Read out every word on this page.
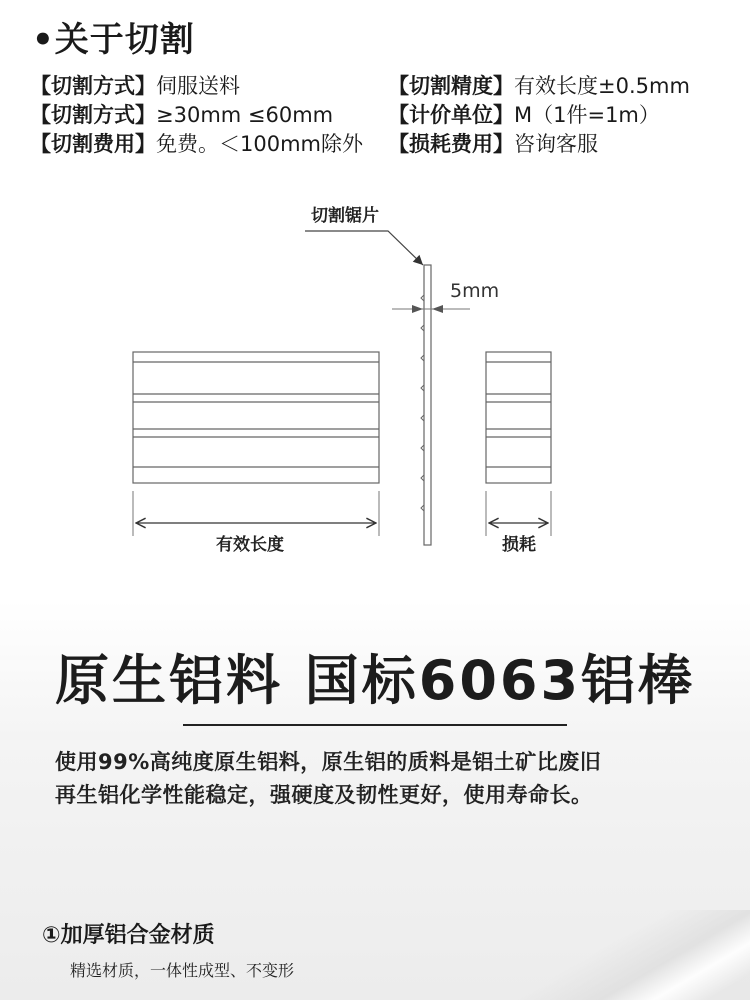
•关于切割
【切割方式】伺服送料	【切割精度】有效长度±0.5mm
【切割方式】≥30mm ≤60mm	【计价单位】M（1件=1m）
【切割费用】免费。＜100mm除外 【损耗费用】咨询客服
切割锯片
5mm
有效长度	损耗
原生铝料 国标6063铝棒
使用99%高纯度原生铝料，原生铝的质料是铝土矿比废旧
再生铝化学性能稳定，强硬度及韧性更好，使用寿命长。
①加厚铝合金材质
精选材质，一体性成型、不变形
